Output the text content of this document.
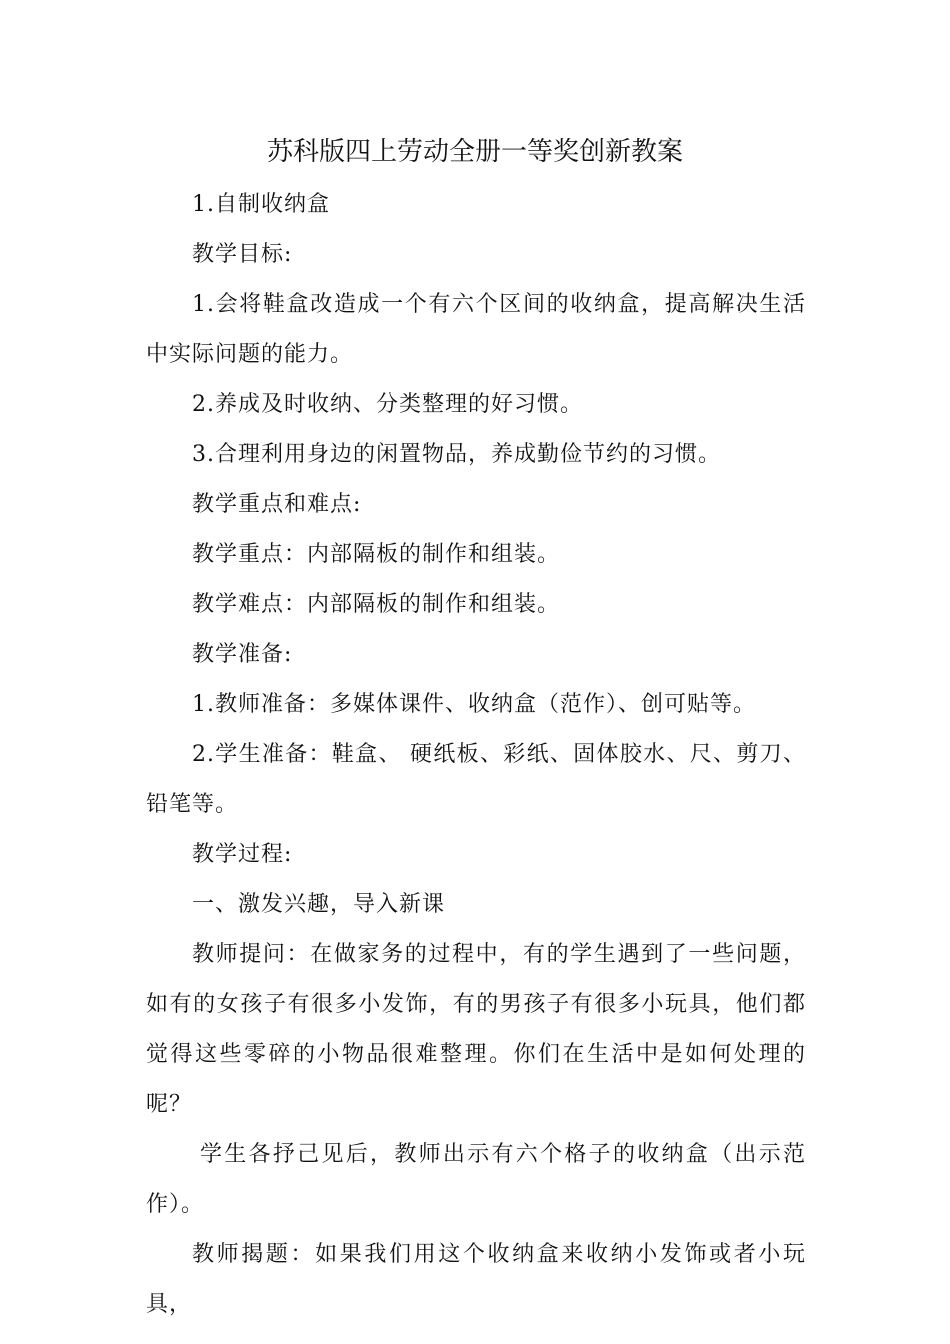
苏科版四上劳动全册一等奖创新教案

1.自制收纳盒

教学目标:

1.会将鞋盒改造成一个有六个区间的收纳盒，提高解决生活中实际问题的能力。

2.养成及时收纳、分类整理的好习惯。

3.合理利用身边的闲置物品，养成勤俭节约的习惯。

教学重点和难点:

教学重点：内部隔板的制作和组装。

教学难点：内部隔板的制作和组装。

教学准备:

1.教师准备：多媒体课件、收纳盒（范作）、创可贴等。

2.学生准备：鞋盒、 硬纸板、彩纸、固体胶水、尺、剪刀、铅笔等。

教学过程:

一、激发兴趣，导入新课

教师提问：在做家务的过程中，有的学生遇到了一些问题，如有的女孩子有很多小发饰，有的男孩子有很多小玩具，他们都觉得这些零碎的小物品很难整理。你们在生活中是如何处理的呢？

学生各抒己见后，教师出示有六个格子的收纳盒（出示范作）。

教师揭题：如果我们用这个收纳盒来收纳小发饰或者小玩具，
